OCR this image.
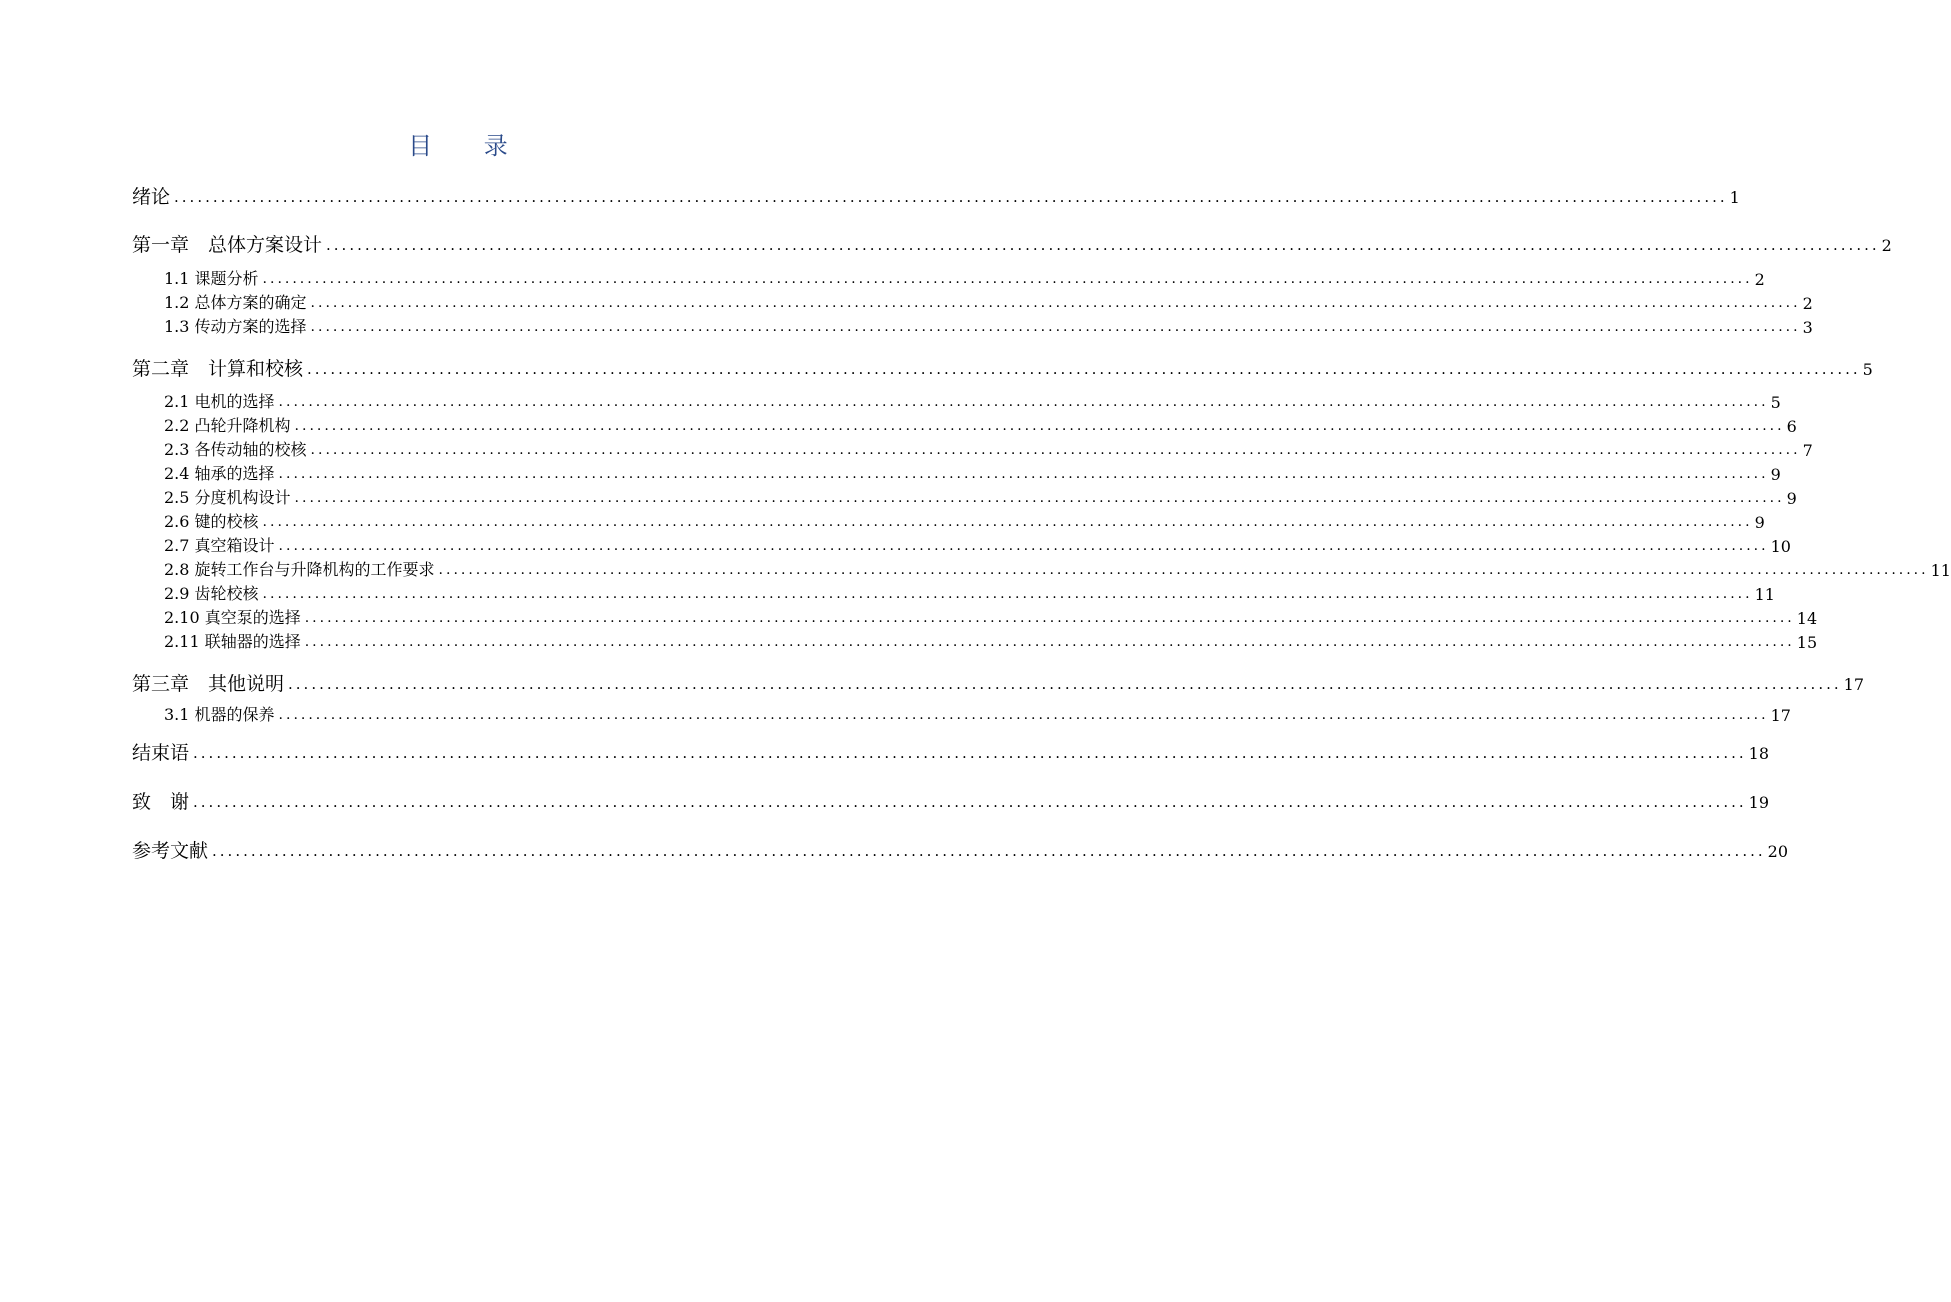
目 录
绪论 ........................................................................................................................................................................................................ 1
第一章　总体方案设计 ........................................................................................................................................................................................................ 2
1.1 课题分析 ........................................................................................................................................................................................................ 2
1.2 总体方案的确定 ........................................................................................................................................................................................................ 2
1.3 传动方案的选择 ........................................................................................................................................................................................................ 3
第二章　计算和校核 ........................................................................................................................................................................................................ 5
2.1 电机的选择 ........................................................................................................................................................................................................ 5
2.2 凸轮升降机构 ........................................................................................................................................................................................................ 6
2.3 各传动轴的校核 ........................................................................................................................................................................................................ 7
2.4 轴承的选择 ........................................................................................................................................................................................................ 9
2.5 分度机构设计 ........................................................................................................................................................................................................ 9
2.6 键的校核 ........................................................................................................................................................................................................ 9
2.7 真空箱设计 ........................................................................................................................................................................................................ 10
2.8 旋转工作台与升降机构的工作要求 ........................................................................................................................................................................................................ 11
2.9 齿轮校核 ........................................................................................................................................................................................................ 11
2.10 真空泵的选择 ........................................................................................................................................................................................................ 14
2.11 联轴器的选择 ........................................................................................................................................................................................................ 15
第三章　其他说明 ........................................................................................................................................................................................................ 17
3.1 机器的保养 ........................................................................................................................................................................................................ 17
结束语 ........................................................................................................................................................................................................ 18
致　谢 ........................................................................................................................................................................................................ 19
参考文献 ........................................................................................................................................................................................................ 20
